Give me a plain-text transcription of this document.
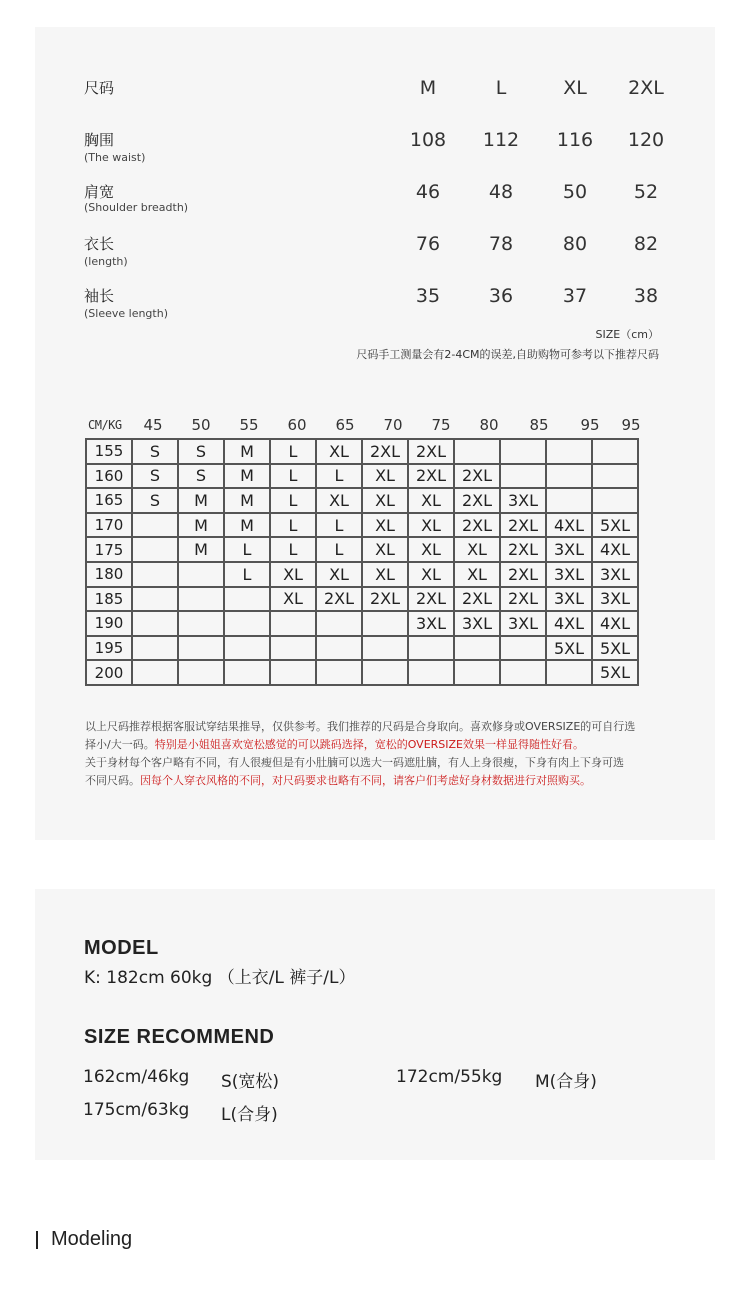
尺码	M	L	XL	2XL
胸围
(The waist)
108	112	116	120
肩宽
(Shoulder breadth)
46	48	50	52
衣长
(length)
76	78	80	82
袖长
(Sleeve length)
35	36	37	38
SIZE（cm）
尺码手工测量会有2-4CM的误差,自助购物可参考以下推荐尺码
CM/KG	45	50	55	60	65	70	75	80	85	95	95
155	S	S	M	L	XL	2XL	2XL				
160	S	S	M	L	L	XL	2XL	2XL			
165	S	M	M	L	XL	XL	XL	2XL	3XL		
170		M	M	L	L	XL	XL	2XL	2XL	4XL	5XL
175		M	L	L	L	XL	XL	XL	2XL	3XL	4XL
180			L	XL	XL	XL	XL	XL	2XL	3XL	3XL
185				XL	2XL	2XL	2XL	2XL	2XL	3XL	3XL
190							3XL	3XL	3XL	4XL	4XL
195										5XL	5XL
200											5XL
以上尺码推荐根据客服试穿结果推导，仅供参考。我们推荐的尺码是合身取向。喜欢修身或OVERSIZE的可自行选
择小/大一码。特别是小姐姐喜欢宽松感觉的可以跳码选择，宽松的OVERSIZE效果一样显得随性好看。
关于身材每个客户略有不同，有人很瘦但是有小肚腩可以选大一码遮肚腩，有人上身很瘦，下身有肉上下身可选
不同尺码。因每个人穿衣风格的不同，对尺码要求也略有不同，请客户们考虑好身材数据进行对照购买。
MODEL
K: 182cm 60kg （上衣/L 裤子/L）
SIZE RECOMMEND
162cm/46kg S(宽松)	172cm/55kg M(合身)
175cm/63kg L(合身)
Modeling
